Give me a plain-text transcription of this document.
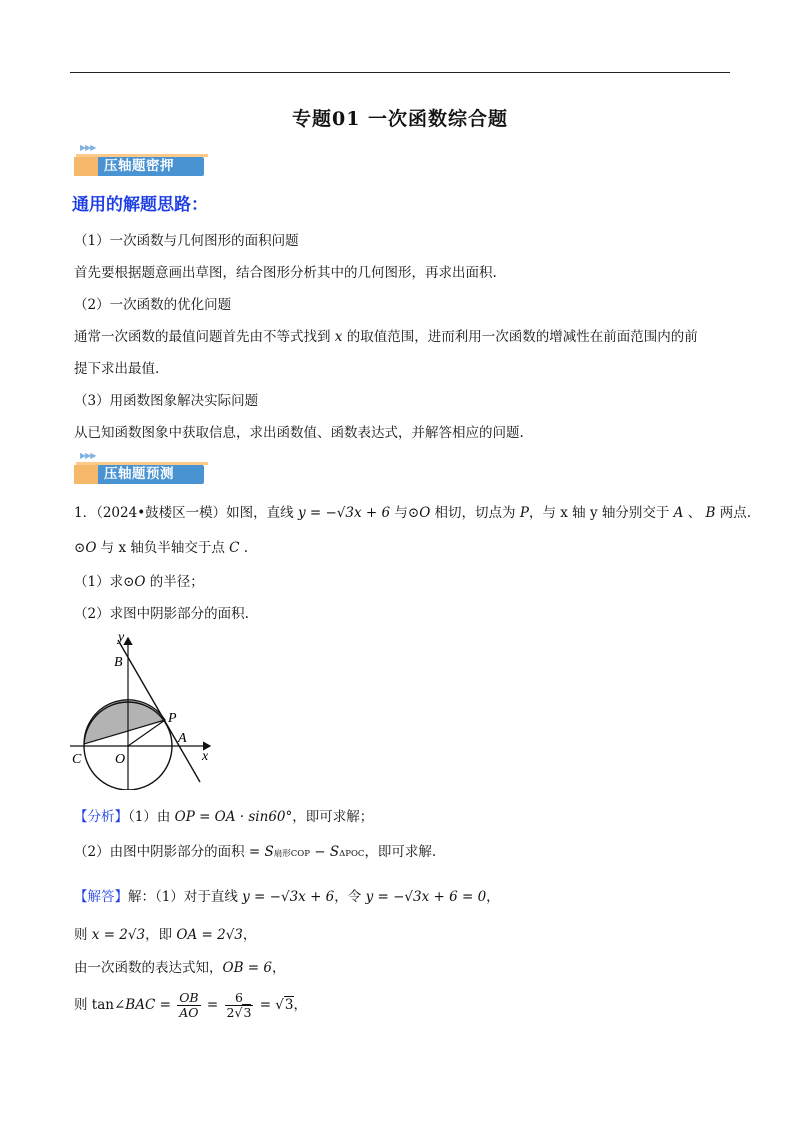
专题01 一次函数综合题
▶▶▶
压轴题密押
通用的解题思路：
（1）一次函数与几何图形的面积问题
首先要根据题意画出草图，结合图形分析其中的几何图形，再求出面积.
（2）一次函数的优化问题
通常一次函数的最值问题首先由不等式找到 x 的取值范围，进而利用一次函数的增减性在前面范围内的前
提下求出最值.
（3）用函数图象解决实际问题
从已知函数图象中获取信息，求出函数值、函数表达式，并解答相应的问题.
▶▶▶
压轴题预测
1．（2024•鼓楼区一模）如图，直线 y = −√3x + 6 与⊙O 相切，切点为 P，与 x 轴 y 轴分别交于 A 、 B 两点.
⊙O 与 x 轴负半轴交于点 C .
（1）求⊙O 的半径；
（2）求图中阴影部分的面积.
y
B
P
A
C O	x
【分析】（1）由 OP = OA · sin60°，即可求解；
（2）由图中阴影部分的面积 = S扇形COP − SΔPOC，即可求解.
【解答】解：（1）对于直线 y = −√3x + 6，令 y = −√3x + 6 = 0，
则 x = 2√3，即 OA = 2√3，
由一次函数的表达式知，OB = 6，
则 tan∠BAC = $\frac{OB}{AO} = \frac{6}{2√3} = √3$，
